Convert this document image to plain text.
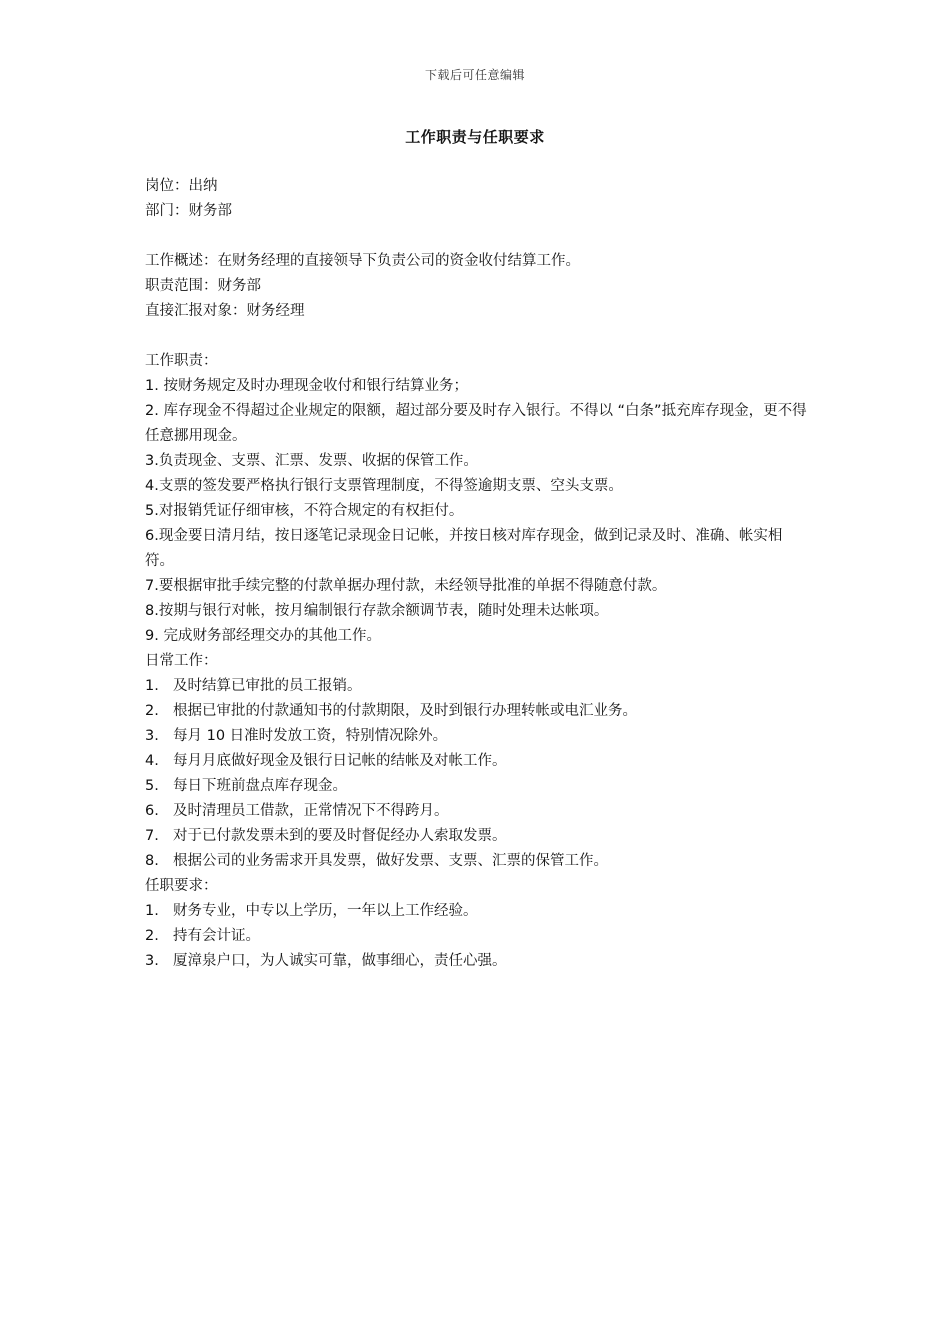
下载后可任意编辑
工作职责与任职要求

岗位：出纳

部门：财务部

工作概述：在财务经理的直接领导下负责公司的资金收付结算工作。

职责范围：财务部

直接汇报对象：财务经理

工作职责：

1. 按财务规定及时办理现金收付和银行结算业务；

2. 库存现金不得超过企业规定的限额，超过部分要及时存入银行。不得以 “白条”抵充库存现金，更不得任意挪用现金。

3.负责现金、支票、汇票、发票、收据的保管工作。

4.支票的签发要严格执行银行支票管理制度，不得签逾期支票、空头支票。

5.对报销凭证仔细审核，不符合规定的有权拒付。

6.现金要日清月结，按日逐笔记录现金日记帐，并按日核对库存现金，做到记录及时、准确、帐实相符。

7.要根据审批手续完整的付款单据办理付款，未经领导批准的单据不得随意付款。

8.按期与银行对帐，按月编制银行存款余额调节表，随时处理未达帐项。

9. 完成财务部经理交办的其他工作。

日常工作：

1. 及时结算已审批的员工报销。
2. 根据已审批的付款通知书的付款期限，及时到银行办理转帐或电汇业务。
3. 每月 10 日准时发放工资，特别情况除外。
4. 每月月底做好现金及银行日记帐的结帐及对帐工作。
5. 每日下班前盘点库存现金。
6. 及时清理员工借款，正常情况下不得跨月。
7. 对于已付款发票未到的要及时督促经办人索取发票。
8. 根据公司的业务需求开具发票，做好发票、支票、汇票的保管工作。

任职要求：

1. 财务专业，中专以上学历，一年以上工作经验。
2. 持有会计证。
3. 厦漳泉户口，为人诚实可靠，做事细心，责任心强。
